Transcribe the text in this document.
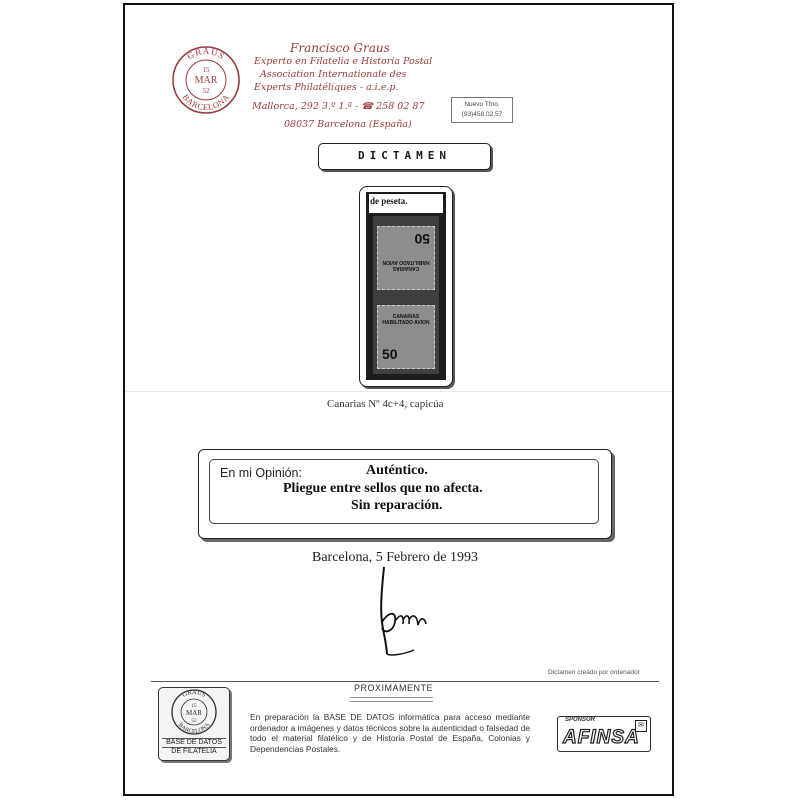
GRAUS
BARCELONA
15
MAR
52
Francisco Graus
Experto en Filatelia e Historia Postal
Association Internationale des
Experts Philatéliques - a.i.e.p.
Mallorca, 292 3.º 1.ª - ☎ 258 02 87
08037 Barcelona (España)
Nuevo Tfno.
(93)458.02.57
DICTAMEN
de peseta.
CANARIAS HABILITADO AVION
50
CANARIAS HABILITADO AVION
50
Canarias Nº 4c+4, capicúa
En mi Opinión:	Auténtico.
Pliegue entre sellos que no afecta.
Sin reparación.
Barcelona, 5 Febrero de 1993
Dictamen creado por ordenador
PROXIMAMENTE
GRAUS
BARCELONA
15
MAR
52
BASE DE DATOS
DE FILATELIA
En preparación la BASE DE DATOS informática para acceso mediante ordenador a imágenes y datos técnicos sobre la autenticidad o falsedad de todo el material filatélico y de Historia Postal de España, Colonias y Dependencias Postales.
SPONSOR
AFINSA
✉
